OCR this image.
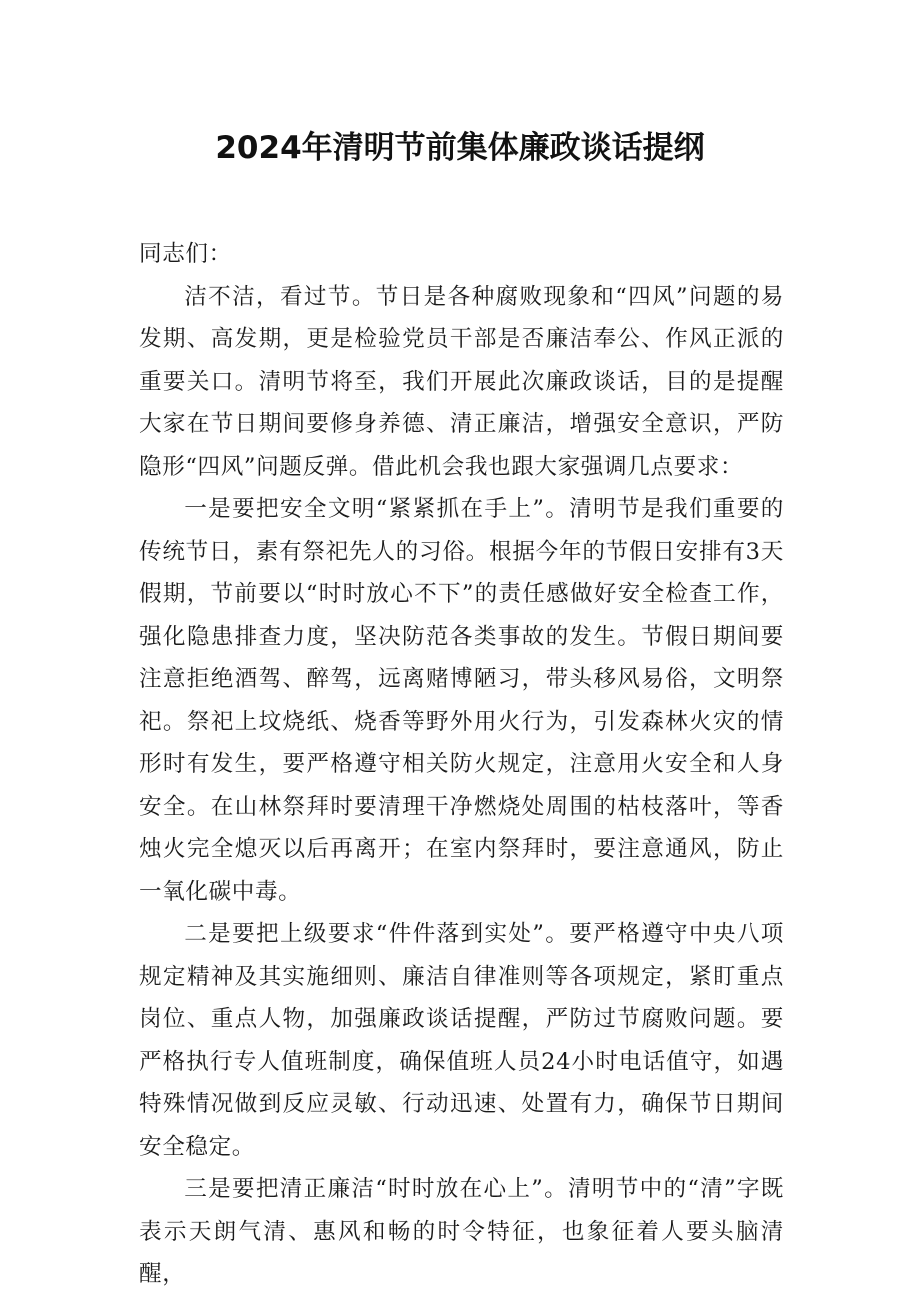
2024年清明节前集体廉政谈话提纲

同志们：

洁不洁，看过节。节日是各种腐败现象和“四风”问题的易发期、高发期，更是检验党员干部是否廉洁奉公、作风正派的重要关口。清明节将至，我们开展此次廉政谈话，目的是提醒大家在节日期间要修身养德、清正廉洁，增强安全意识，严防隐形“四风”问题反弹。借此机会我也跟大家强调几点要求：

一是要把安全文明“紧紧抓在手上”。清明节是我们重要的传统节日，素有祭祀先人的习俗。根据今年的节假日安排有3天假期，节前要以“时时放心不下”的责任感做好安全检查工作，强化隐患排查力度，坚决防范各类事故的发生。节假日期间要注意拒绝酒驾、醉驾，远离赌博陋习，带头移风易俗，文明祭祀。祭祀上坟烧纸、烧香等野外用火行为，引发森林火灾的情形时有发生，要严格遵守相关防火规定，注意用火安全和人身安全。在山林祭拜时要清理干净燃烧处周围的枯枝落叶，等香烛火完全熄灭以后再离开；在室内祭拜时，要注意通风，防止一氧化碳中毒。

二是要把上级要求“件件落到实处”。要严格遵守中央八项规定精神及其实施细则、廉洁自律准则等各项规定，紧盯重点岗位、重点人物，加强廉政谈话提醒，严防过节腐败问题。要严格执行专人值班制度，确保值班人员24小时电话值守，如遇特殊情况做到反应灵敏、行动迅速、处置有力，确保节日期间安全稳定。

三是要把清正廉洁“时时放在心上”。清明节中的“清”字既表示天朗气清、惠风和畅的时令特征，也象征着人要头脑清醒，
